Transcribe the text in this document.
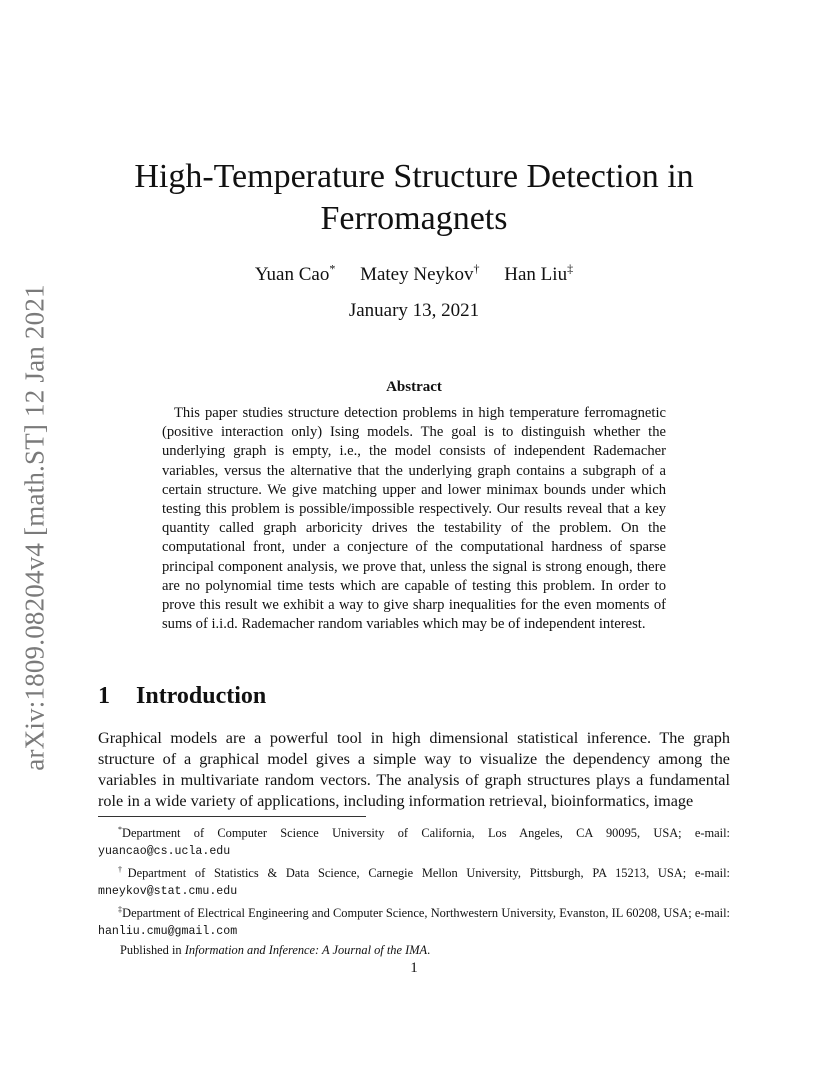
arXiv:1809.08204v4 [math.ST] 12 Jan 2021
High-Temperature Structure Detection in Ferromagnets
Yuan Cao* Matey Neykov† Han Liu‡
January 13, 2021
Abstract

This paper studies structure detection problems in high temperature ferromagnetic (positive interaction only) Ising models. The goal is to distinguish whether the underlying graph is empty, i.e., the model consists of independent Rademacher variables, versus the alternative that the underlying graph contains a subgraph of a certain structure. We give matching upper and lower minimax bounds under which testing this problem is possible/impossible respectively. Our results reveal that a key quantity called graph arboricity drives the testability of the problem. On the computational front, under a conjecture of the computational hardness of sparse principal component analysis, we prove that, unless the signal is strong enough, there are no polynomial time tests which are capable of testing this problem. In order to prove this result we exhibit a way to give sharp inequalities for the even moments of sums of i.i.d. Rademacher random variables which may be of independent interest.

1 Introduction

Graphical models are a powerful tool in high dimensional statistical inference. The graph structure of a graphical model gives a simple way to visualize the dependency among the variables in multivariate random vectors. The analysis of graph structures plays a fundamental role in a wide variety of applications, including information retrieval, bioinformatics, image

*Department of Computer Science University of California, Los Angeles, CA 90095, USA; e-mail: yuancao@cs.ucla.edu

†Department of Statistics & Data Science, Carnegie Mellon University, Pittsburgh, PA 15213, USA; e-mail: mneykov@stat.cmu.edu

‡Department of Electrical Engineering and Computer Science, Northwestern University, Evanston, IL 60208, USA; e-mail: hanliu.cmu@gmail.com

Published in Information and Inference: A Journal of the IMA.

1
